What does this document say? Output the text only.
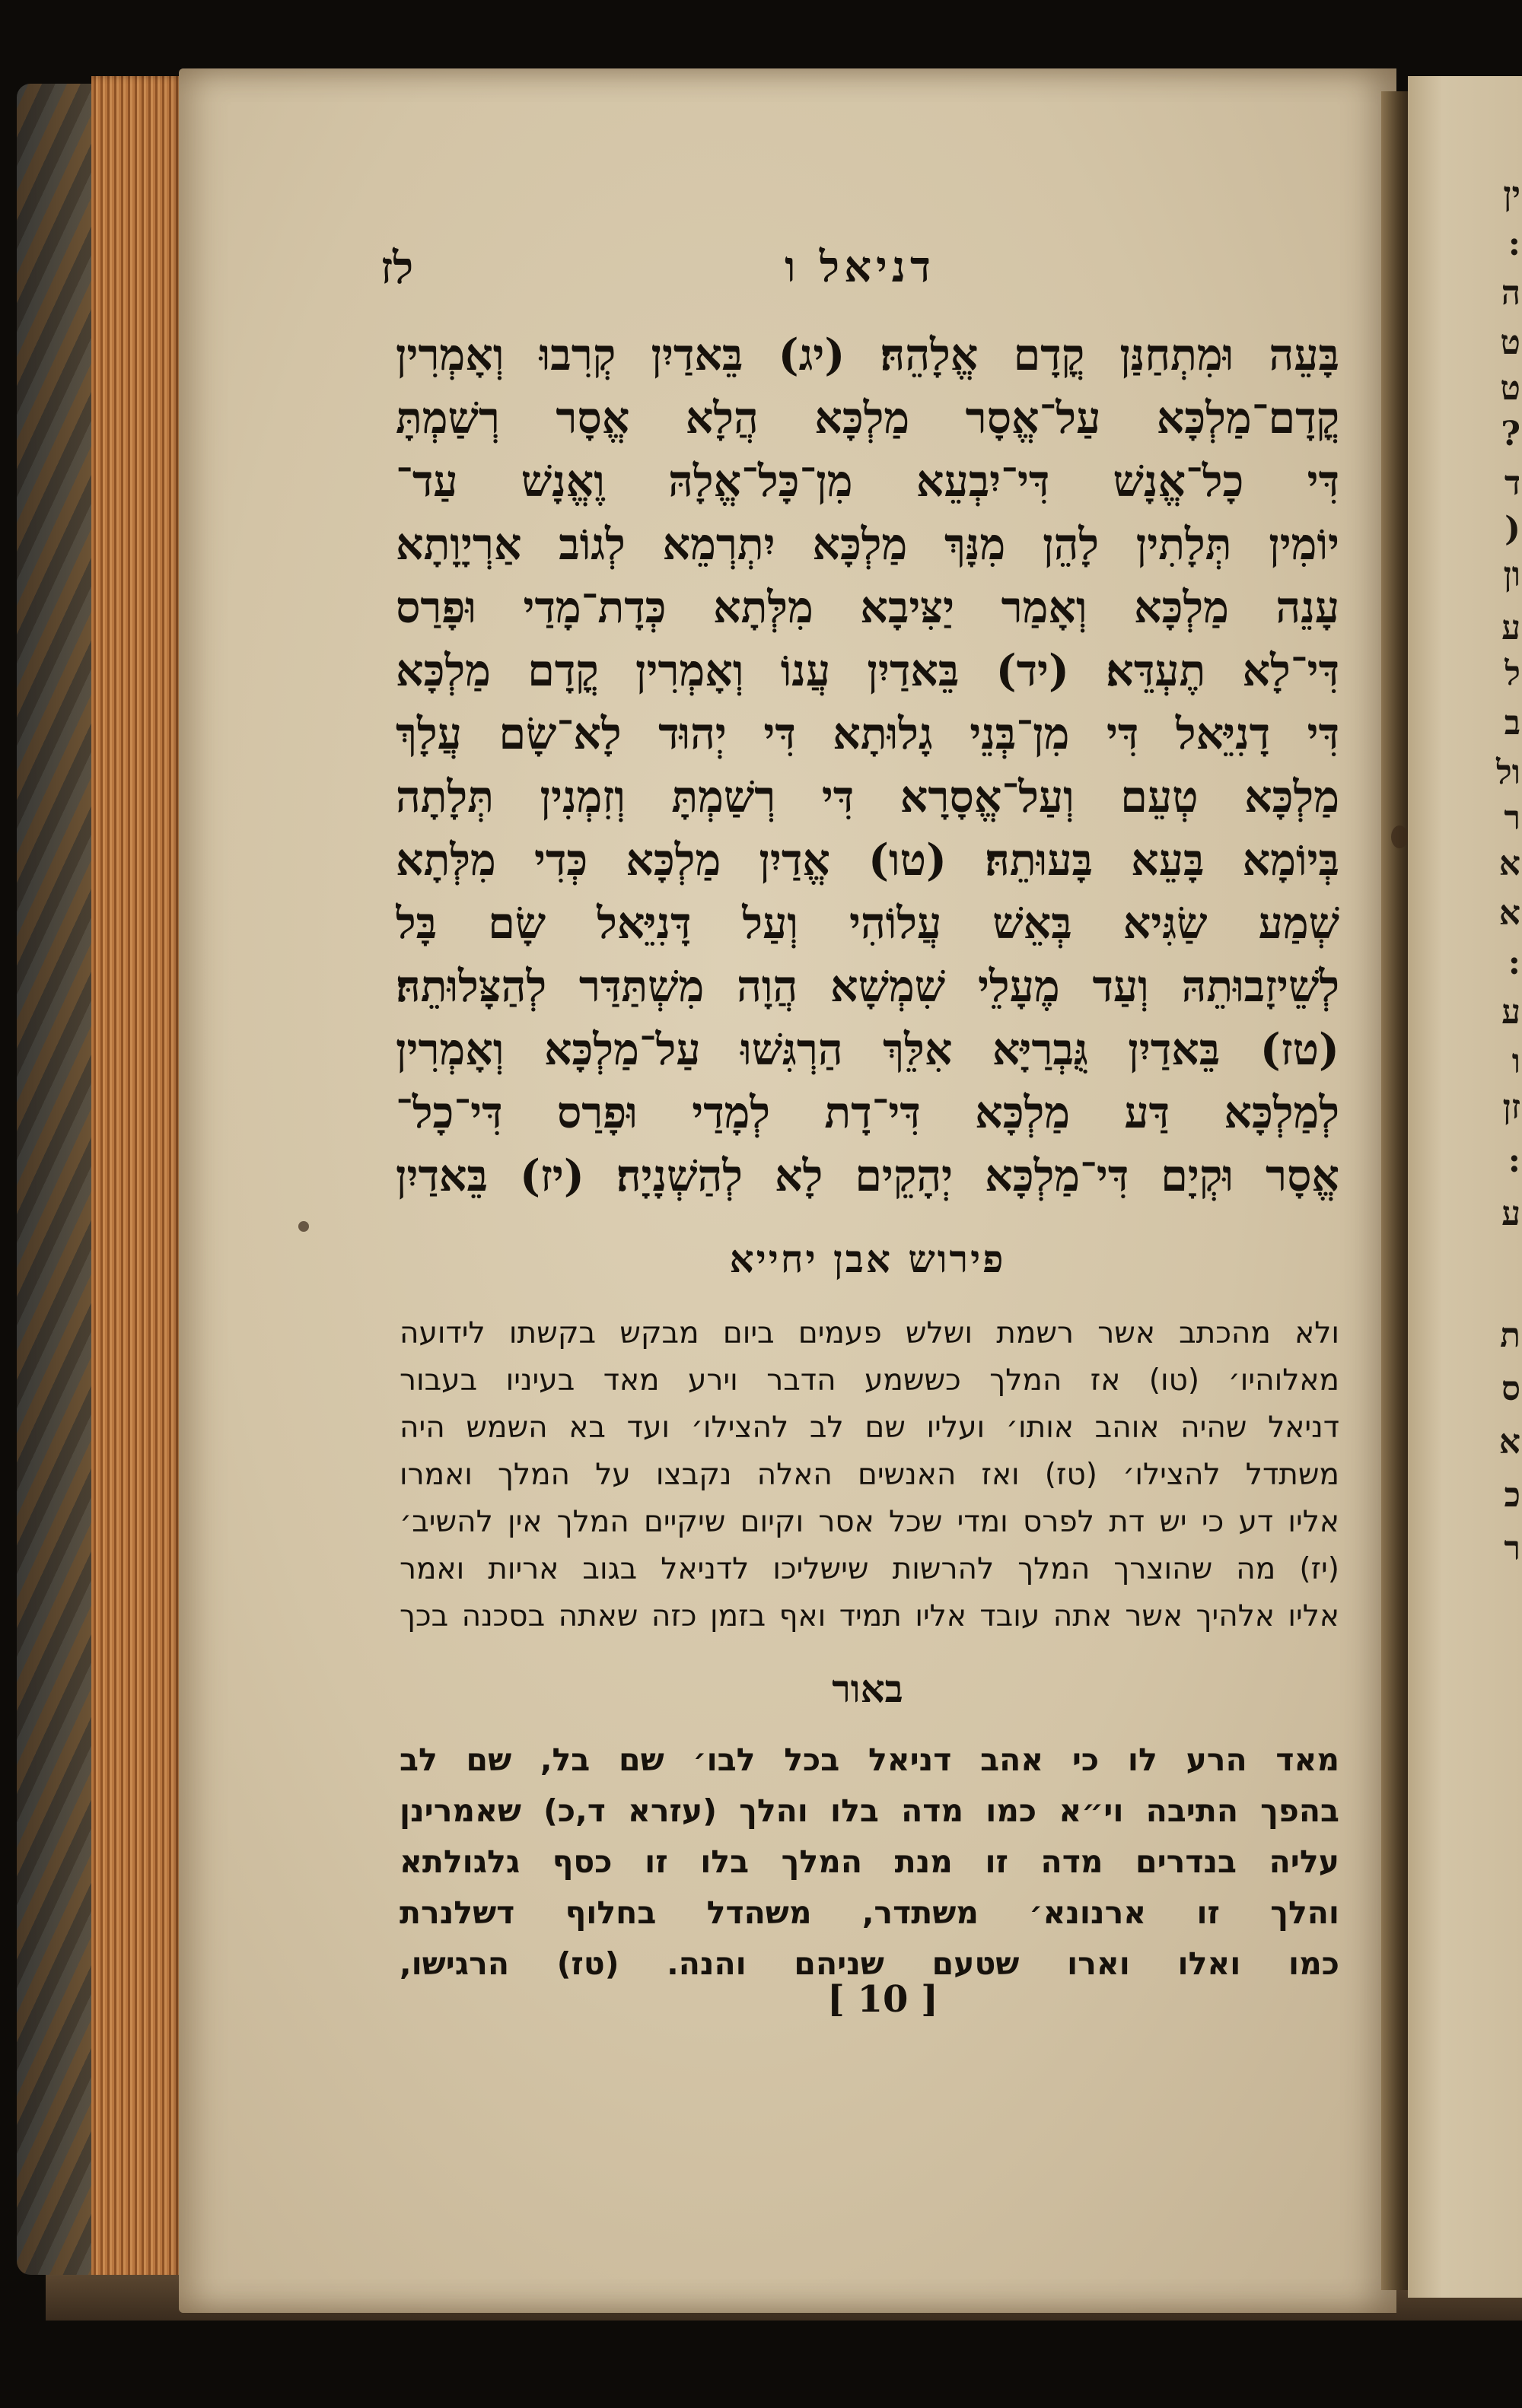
ין
:
ה
ט
ט
?
ד
(
ון
ע
ל
ב
ול
ר
א
א
:
ע
ו
זן
:
ע
ת
ס
א
כ
ר
דניאל ו
לז
בָּעֵה וּמִתְחַנַּן קֳדָם אֱלָהֵהּ׃ (יג) בֵּאדַיִן קְרִבוּ וְאָמְרִין
קֳדָם־מַלְכָּא עַל־אֱסָר מַלְכָּא הֲלָא אֱסָר רְשַׁמְתָּ
דִּי כָל־אֱנָשׁ דִּי־יִבְעֵא מִן־כָּל־אֱלָהּ וֶאֱנָשׁ עַד־
יוֹמִין תְּלָתִין לָהֵן מִנָּךְ מַלְכָּא יִתְרְמֵא לְגוֹב אַרְיָוָתָא
עָנֵה מַלְכָּא וְאָמַר יַצִּיבָא מִלְּתָא כְּדָת־מָדַי וּפָרַס
דִּי־לָא תֶעְדֵּא׃ (יד) בֵּאדַיִן עֲנוֹ וְאָמְרִין קֳדָם מַלְכָּא
דִּי דָנִיֵּאל דִּי מִן־בְּנֵי גָלוּתָא דִּי יְהוּד לָא־שָׂם עֲלָךְ
מַלְכָּא טְעֵם וְעַל־אֱסָרָא דִּי רְשַׁמְתָּ וְזִמְנִין תְּלָתָה
בְּיוֹמָא בָּעֵא בָּעוּתֵהּ׃ (טו) אֱדַיִן מַלְכָּא כְּדִי מִלְּתָא
שְׁמַע שַׂגִּיא בְּאֵשׁ עֲלוֹהִי וְעַל דָּנִיֵּאל שָׂם בָּל
לְשֵׁיזָבוּתֵהּ וְעַד מֶעָלֵי שִׁמְשָׁא הֲוָה מִשְׁתַּדַּר לְהַצָּלוּתֵהּ׃
(טז) בֵּאדַיִן גֻּבְרַיָּא אִלֵּךְ הַרְגִּשׁוּ עַל־מַלְכָּא וְאָמְרִין
לְמַלְכָּא דַּע מַלְכָּא דִּי־דָת לְמָדַי וּפָרַס דִּי־כָל־
אֱסָר וּקְיָם דִּי־מַלְכָּא יְהָקֵים לָא לְהַשְׁנָיָה׃ (יז) בֵּאדַיִן
פירוש אבן יחייא
ולא מהכתב אשר רשמת ושלש פעמים ביום מבקש בקשתו לידועה
מאלוהיו׳ (טו) אז המלך כששמע הדבר וירע מאד בעיניו בעבור
דניאל שהיה אוהב אותו׳ ועליו שם לב להצילו׳ ועד בא השמש היה
משתדל להצילו׳ (טז) ואז האנשים האלה נקבצו על המלך ואמרו
אליו דע כי יש דת לפרס ומדי שכל אסר וקיום שיקיים המלך אין להשיב׳
(יז) מה שהוצרך המלך להרשות שישליכו לדניאל בגוב אריות ואמר
אליו אלהיך אשר אתה עובד אליו תמיד ואף בזמן כזה שאתה בסכנה בכך
באור
מאד הרע לו כי אהב דניאל בכל לבו׳ שם בל, שם לב
בהפך התיבה וי״א כמו מדה בלו והלך (עזרא ד,כ) שאמרינן
עליה בנדרים מדה זו מנת המלך בלו זו כסף גלגולתא
והלך זו ארנונא׳ משתדר, משהדל בחלוף דשלנרת
כמו ואלו וארו שטעם שניהם והנה. (טז) הרגישו,
[ 10 ]
